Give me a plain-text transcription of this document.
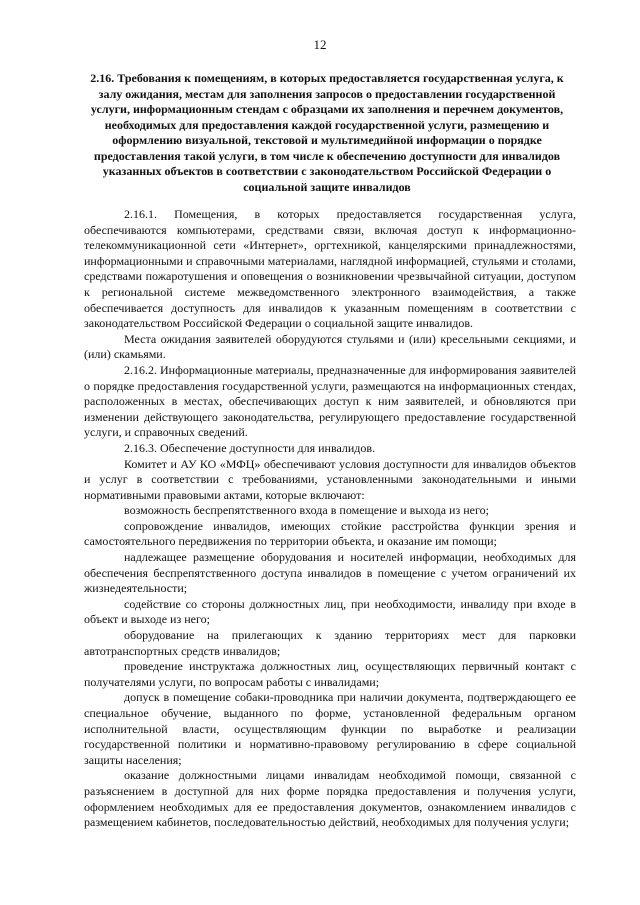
12
2.16. Требования к помещениям, в которых предоставляется государственная услуга, к залу ожидания, местам для заполнения запросов о предоставлении государственной услуги, информационным стендам с образцами их заполнения и перечнем документов, необходимых для предоставления каждой государственной услуги, размещению и оформлению визуальной, текстовой и мультимедийной информации о порядке предоставления такой услуги, в том числе к обеспечению доступности для инвалидов указанных объектов в соответствии с законодательством Российской Федерации о социальной защите инвалидов

2.16.1. Помещения, в которых предоставляется государственная услуга, обеспечиваются компьютерами, средствами связи, включая доступ к информационно-телекоммуникационной сети «Интернет», оргтехникой, канцелярскими принадлежностями, информационными и справочными материалами, наглядной информацией, стульями и столами, средствами пожаротушения и оповещения о возникновении чрезвычайной ситуации, доступом к региональной системе межведомственного электронного взаимодействия, а также обеспечивается доступность для инвалидов к указанным помещениям в соответствии с законодательством Российской Федерации о социальной защите инвалидов.

Места ожидания заявителей оборудуются стульями и (или) кресельными секциями, и (или) скамьями.

2.16.2. Информационные материалы, предназначенные для информирования заявителей о порядке предоставления государственной услуги, размещаются на информационных стендах, расположенных в местах, обеспечивающих доступ к ним заявителей, и обновляются при изменении действующего законодательства, регулирующего предоставление государственной услуги, и справочных сведений.

2.16.3. Обеспечение доступности для инвалидов.

Комитет и АУ КО «МФЦ» обеспечивают условия доступности для инвалидов объектов и услуг в соответствии с требованиями, установленными законодательными и иными нормативными правовыми актами, которые включают:

возможность беспрепятственного входа в помещение и выхода из него;

сопровождение инвалидов, имеющих стойкие расстройства функции зрения и самостоятельного передвижения по территории объекта, и оказание им помощи;

надлежащее размещение оборудования и носителей информации, необходимых для обеспечения беспрепятственного доступа инвалидов в помещение с учетом ограничений их жизнедеятельности;

содействие со стороны должностных лиц, при необходимости, инвалиду при входе в объект и выходе из него;

оборудование на прилегающих к зданию территориях мест для парковки автотранспортных средств инвалидов;

проведение инструктажа должностных лиц, осуществляющих первичный контакт с получателями услуги, по вопросам работы с инвалидами;

допуск в помещение собаки-проводника при наличии документа, подтверждающего ее специальное обучение, выданного по форме, установленной федеральным органом исполнительной власти, осуществляющим функции по выработке и реализации государственной политики и нормативно-правовому регулированию в сфере социальной защиты населения;

оказание должностными лицами инвалидам необходимой помощи, связанной с разъяснением в доступной для них форме порядка предоставления и получения услуги, оформлением необходимых для ее предоставления документов, ознакомлением инвалидов с размещением кабинетов, последовательностью действий, необходимых для получения услуги;
